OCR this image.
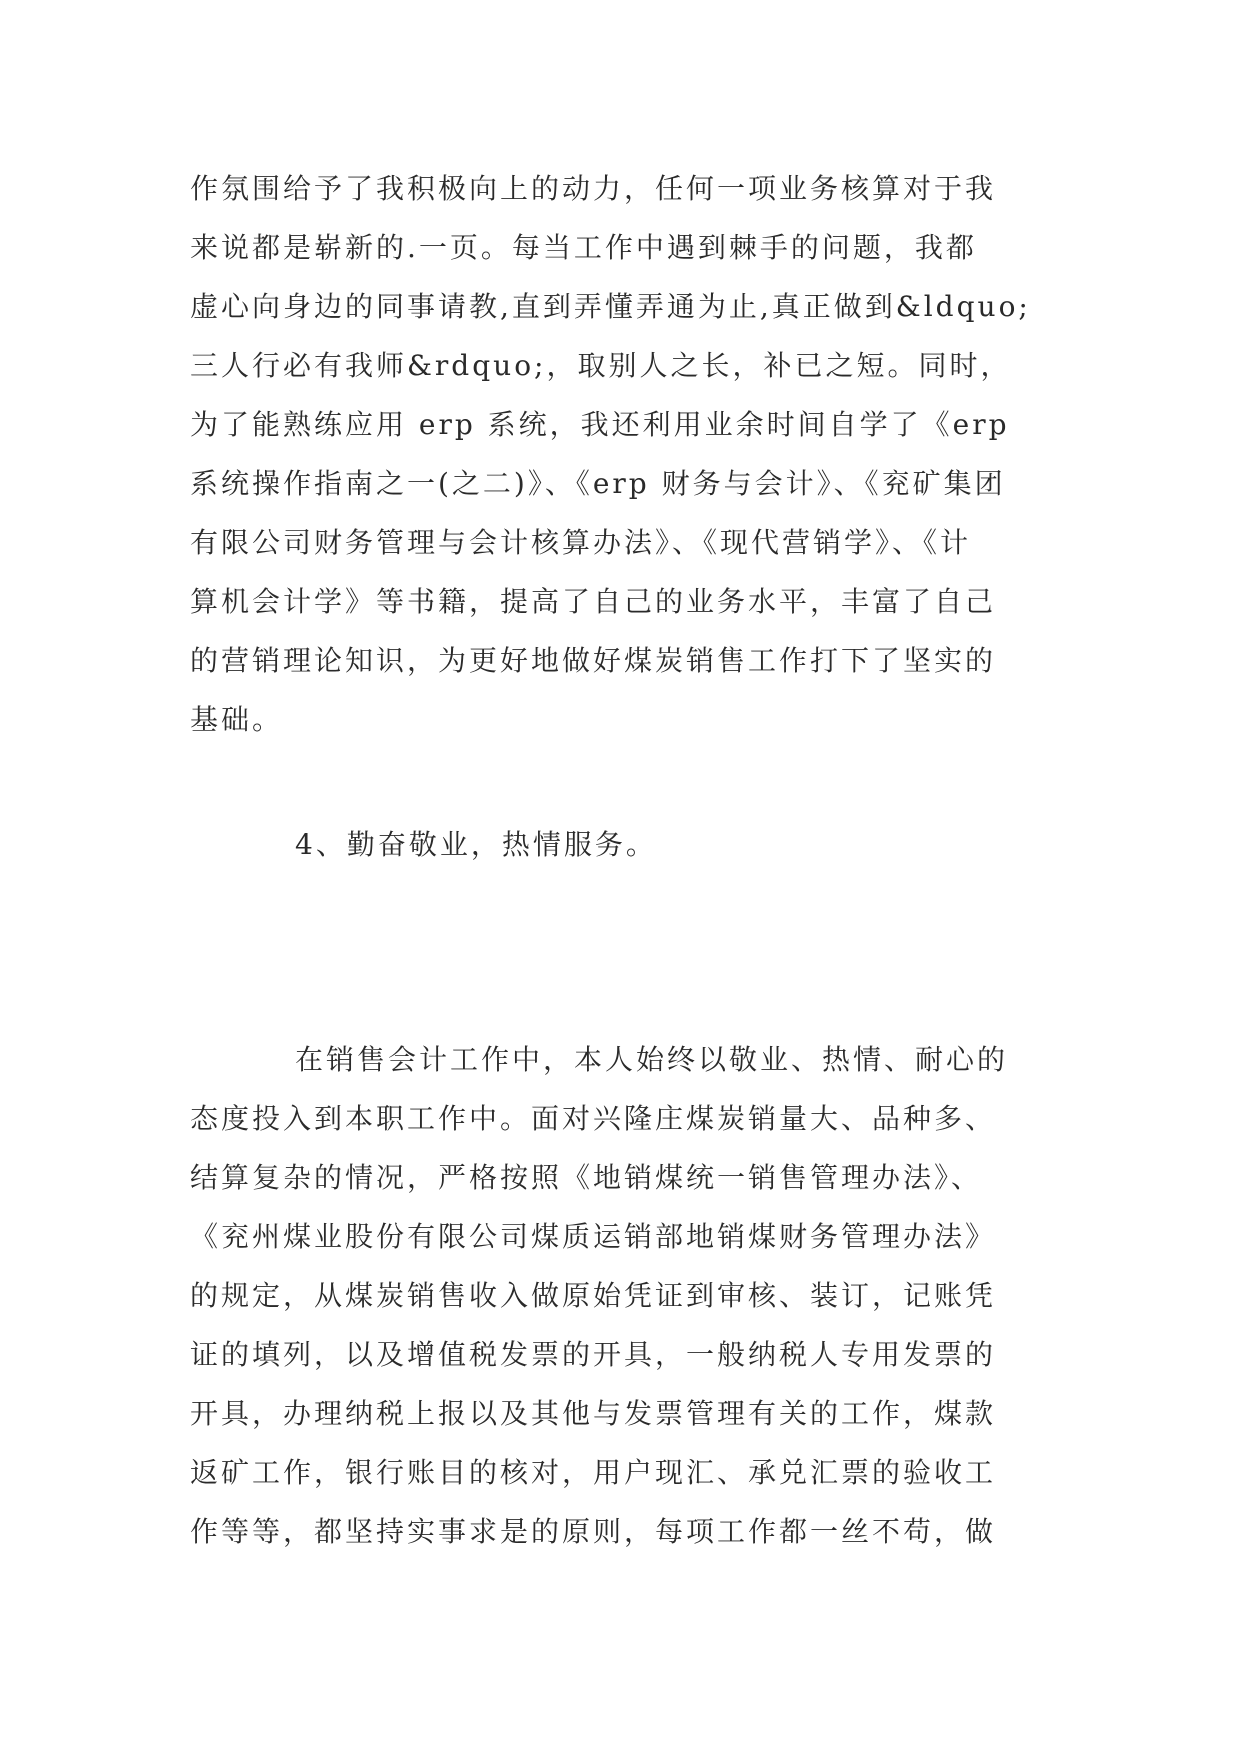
作氛围给予了我积极向上的动力，任何一项业务核算对于我
来说都是崭新的.一页。每当工作中遇到棘手的问题，我都
虚心向身边的同事请教,直到弄懂弄通为止,真正做到&ldquo;
三人行必有我师&rdquo;，取别人之长，补已之短。同时，
为了能熟练应用 erp 系统，我还利用业余时间自学了《erp
系统操作指南之一(之二)》、《erp 财务与会计》、《兖矿集团
有限公司财务管理与会计核算办法》、《现代营销学》、《计
算机会计学》等书籍，提高了自己的业务水平，丰富了自己
的营销理论知识，为更好地做好煤炭销售工作打下了坚实的
基础。
4、勤奋敬业，热情服务。
在销售会计工作中，本人始终以敬业、热情、耐心的
态度投入到本职工作中。面对兴隆庄煤炭销量大、品种多、
结算复杂的情况，严格按照《地销煤统一销售管理办法》、
《兖州煤业股份有限公司煤质运销部地销煤财务管理办法》
的规定，从煤炭销售收入做原始凭证到审核、装订，记账凭
证的填列，以及增值税发票的开具，一般纳税人专用发票的
开具，办理纳税上报以及其他与发票管理有关的工作，煤款
返矿工作，银行账目的核对，用户现汇、承兑汇票的验收工
作等等，都坚持实事求是的原则，每项工作都一丝不苟，做
